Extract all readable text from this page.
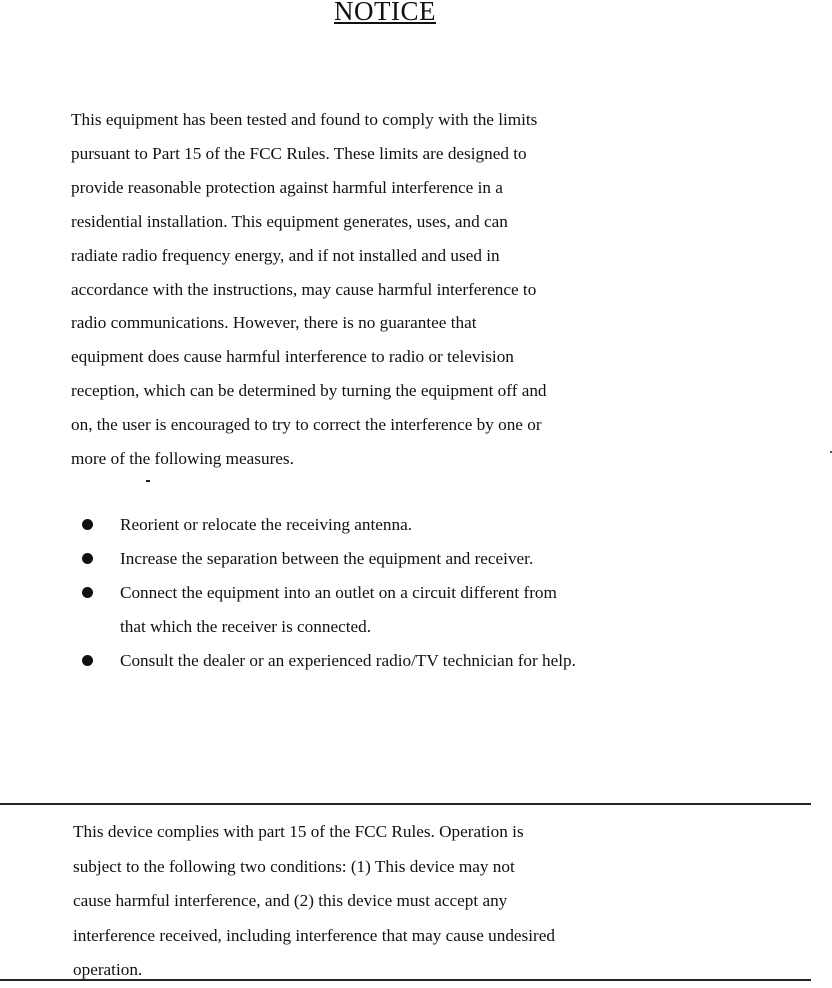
NOTICE
This equipment has been tested and found to comply with the limits
pursuant to Part 15 of the FCC Rules. These limits are designed to
provide reasonable protection against harmful interference in a
residential installation. This equipment generates, uses, and can
radiate radio frequency energy, and if not installed and used in
accordance with the instructions, may cause harmful interference to
radio communications. However, there is no guarantee that
equipment does cause harmful interference to radio or television
reception, which can be determined by turning the equipment off and
on, the user is encouraged to try to correct the interference by one or
more of the following measures.
Reorient or relocate the receiving antenna.
Increase the separation between the equipment and receiver.
Connect the equipment into an outlet on a circuit different from
that which the receiver is connected.
Consult the dealer or an experienced radio/TV technician for help.
This device complies with part 15 of the FCC Rules. Operation is
subject to the following two conditions: (1) This device may not
cause harmful interference, and (2) this device must accept any
interference received, including interference that may cause undesired
operation.
